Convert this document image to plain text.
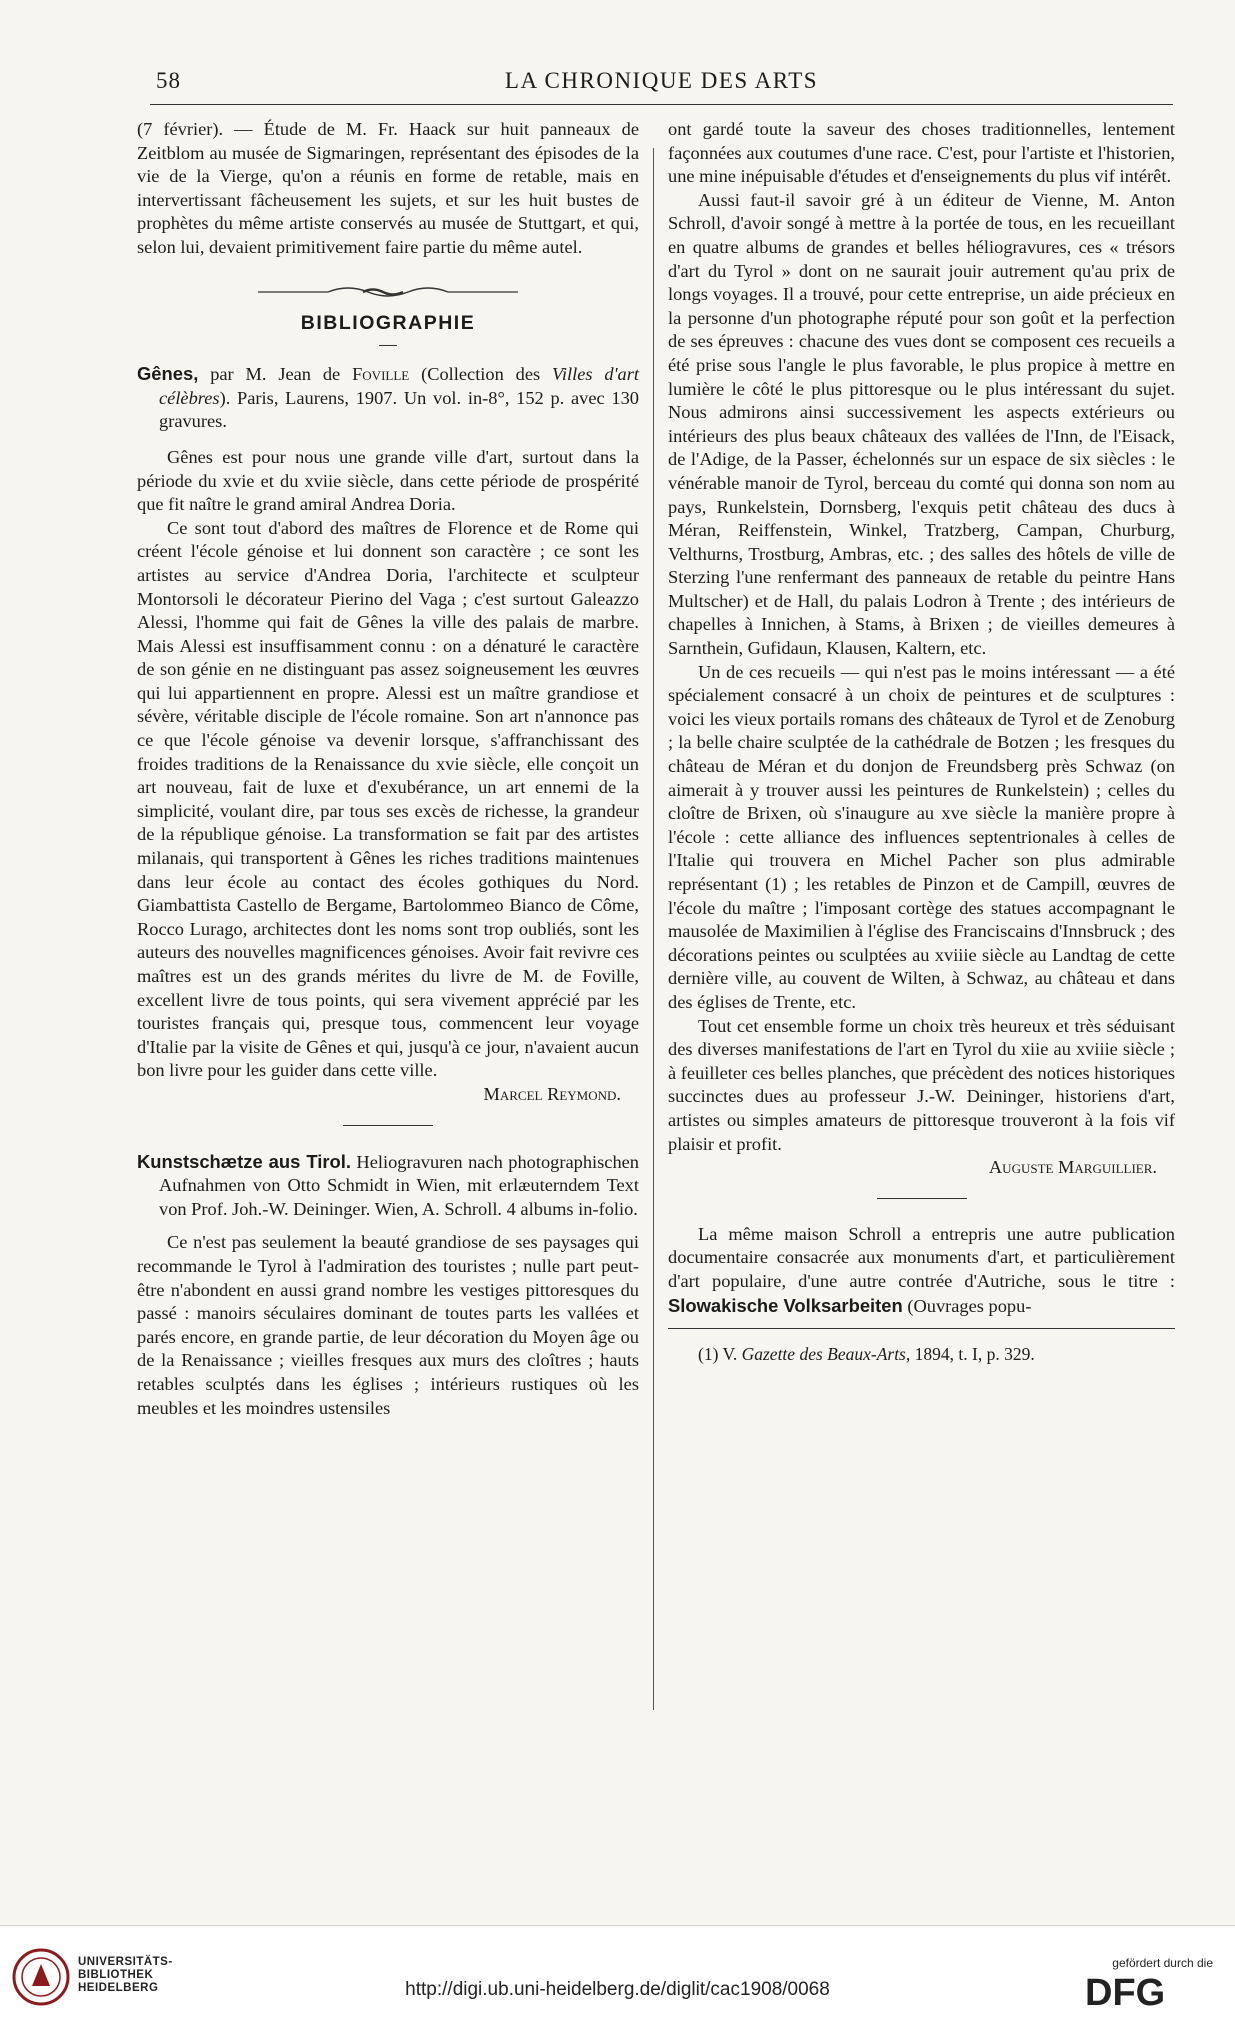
58	LA CHRONIQUE DES ARTS

(7 février). — Étude de M. Fr. Haack sur huit panneaux de Zeitblom au musée de Sigmaringen, représentant des épisodes de la vie de la Vierge, qu'on a réunis en forme de retable, mais en intervertissant fâcheusement les sujets, et sur les huit bustes de prophètes du même artiste conservés au musée de Stuttgart, et qui, selon lui, devaient primitivement faire partie du même autel.

BIBLIOGRAPHIE

Gênes, par M. Jean de Foville (Collection des Villes d'art célèbres). Paris, Laurens, 1907. Un vol. in-8°, 152 p. avec 130 gravures.

Gênes est pour nous une grande ville d'art, surtout dans la période du xvie et du xviie siècle, dans cette période de prospérité que fit naître le grand amiral Andrea Doria.

Ce sont tout d'abord des maîtres de Florence et de Rome qui créent l'école génoise et lui donnent son caractère ; ce sont les artistes au service d'Andrea Doria, l'architecte et sculpteur Montorsoli le décorateur Pierino del Vaga ; c'est surtout Galeazzo Alessi, l'homme qui fait de Gênes la ville des palais de marbre. Mais Alessi est insuffisamment connu : on a dénaturé le caractère de son génie en ne distinguant pas assez soigneusement les œuvres qui lui appartiennent en propre. Alessi est un maître grandiose et sévère, véritable disciple de l'école romaine. Son art n'annonce pas ce que l'école génoise va devenir lorsque, s'affranchissant des froides traditions de la Renaissance du xvie siècle, elle conçoit un art nouveau, fait de luxe et d'exubérance, un art ennemi de la simplicité, voulant dire, par tous ses excès de richesse, la grandeur de la république génoise. La transformation se fait par des artistes milanais, qui transportent à Gênes les riches traditions maintenues dans leur école au contact des écoles gothiques du Nord. Giambattista Castello de Bergame, Bartolommeo Bianco de Côme, Rocco Lurago, architectes dont les noms sont trop oubliés, sont les auteurs des nouvelles magnificences génoises. Avoir fait revivre ces maîtres est un des grands mérites du livre de M. de Foville, excellent livre de tous points, qui sera vivement apprécié par les touristes français qui, presque tous, commencent leur voyage d'Italie par la visite de Gênes et qui, jusqu'à ce jour, n'avaient aucun bon livre pour les guider dans cette ville.

Marcel Reymond.

Kunstschætze aus Tirol. Heliogravuren nach photographischen Aufnahmen von Otto Schmidt in Wien, mit erlæuterndem Text von Prof. Joh.-W. Deininger. Wien, A. Schroll. 4 albums in-folio.

Ce n'est pas seulement la beauté grandiose de ses paysages qui recommande le Tyrol à l'admiration des touristes ; nulle part peut-être n'abondent en aussi grand nombre les vestiges pittoresques du passé : manoirs séculaires dominant de toutes parts les vallées et parés encore, en grande partie, de leur décoration du Moyen âge ou de la Renaissance ; vieilles fresques aux murs des cloîtres ; hauts retables sculptés dans les églises ; intérieurs rustiques où les meubles et les moindres ustensiles

ont gardé toute la saveur des choses traditionnelles, lentement façonnées aux coutumes d'une race. C'est, pour l'artiste et l'historien, une mine inépuisable d'études et d'enseignements du plus vif intérêt.

Aussi faut-il savoir gré à un éditeur de Vienne, M. Anton Schroll, d'avoir songé à mettre à la portée de tous, en les recueillant en quatre albums de grandes et belles héliogravures, ces « trésors d'art du Tyrol » dont on ne saurait jouir autrement qu'au prix de longs voyages. Il a trouvé, pour cette entreprise, un aide précieux en la personne d'un photographe réputé pour son goût et la perfection de ses épreuves : chacune des vues dont se composent ces recueils a été prise sous l'angle le plus favorable, le plus propice à mettre en lumière le côté le plus pittoresque ou le plus intéressant du sujet. Nous admirons ainsi successivement les aspects extérieurs ou intérieurs des plus beaux châteaux des vallées de l'Inn, de l'Eisack, de l'Adige, de la Passer, échelonnés sur un espace de six siècles : le vénérable manoir de Tyrol, berceau du comté qui donna son nom au pays, Runkelstein, Dornsberg, l'exquis petit château des ducs à Méran, Reiffenstein, Winkel, Tratzberg, Campan, Churburg, Velthurns, Trostburg, Ambras, etc. ; des salles des hôtels de ville de Sterzing l'une renfermant des panneaux de retable du peintre Hans Multscher) et de Hall, du palais Lodron à Trente ; des intérieurs de chapelles à Innichen, à Stams, à Brixen ; de vieilles demeures à Sarnthein, Gufidaun, Klausen, Kaltern, etc.

Un de ces recueils — qui n'est pas le moins intéressant — a été spécialement consacré à un choix de peintures et de sculptures : voici les vieux portails romans des châteaux de Tyrol et de Zenoburg ; la belle chaire sculptée de la cathédrale de Botzen ; les fresques du château de Méran et du donjon de Freundsberg près Schwaz (on aimerait à y trouver aussi les peintures de Runkelstein) ; celles du cloître de Brixen, où s'inaugure au xve siècle la manière propre à l'école : cette alliance des influences septentrionales à celles de l'Italie qui trouvera en Michel Pacher son plus admirable représentant (1) ; les retables de Pinzon et de Campill, œuvres de l'école du maître ; l'imposant cortège des statues accompagnant le mausolée de Maximilien à l'église des Franciscains d'Innsbruck ; des décorations peintes ou sculptées au xviiie siècle au Landtag de cette dernière ville, au couvent de Wilten, à Schwaz, au château et dans des églises de Trente, etc.

Tout cet ensemble forme un choix très heureux et très séduisant des diverses manifestations de l'art en Tyrol du xiie au xviiie siècle ; à feuilleter ces belles planches, que précèdent des notices historiques succinctes dues au professeur J.-W. Deininger, historiens d'art, artistes ou simples amateurs de pittoresque trouveront à la fois vif plaisir et profit.

Auguste Marguillier.

La même maison Schroll a entrepris une autre publication documentaire consacrée aux monuments d'art, et particulièrement d'art populaire, d'une autre contrée d'Autriche, sous le titre : Slowakische Volksarbeiten (Ouvrages popu-

(1) V. Gazette des Beaux-Arts, 1894, t. I, p. 329.

UNIVERSITÄTS-
BIBLIOTHEK
HEIDELBERG	http://digi.ub.uni-heidelberg.de/diglit/cac1908/0068
gefördert durch die
DFG
